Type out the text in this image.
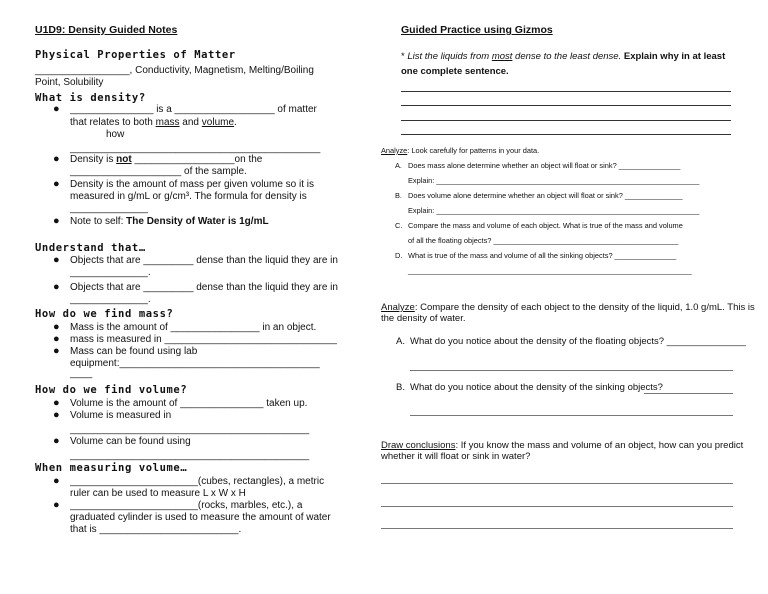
U1D9: Density Guided Notes
Physical Properties of Matter
_________________, Conductivity, Magnetism, Melting/Boiling
Point, Solubility
What is density?
● _______________ is a __________________ of matter
that relates to both mass and volume.
how
_____________________________________________
● Density is not __________________on the
____________________ of the sample.
● Density is the amount of mass per given volume so it is
measured in g/mL or g/cm³. The formula for density is
______________
● Note to self: The Density of Water is 1g/mL
Understand that…
● Objects that are _________ dense than the liquid they are in
______________.
● Objects that are _________ dense than the liquid they are in
______________.
How do we find mass?
● Mass is the amount of ________________ in an object.
● mass is measured in _______________________________
● Mass can be found using lab
equipment:____________________________________
____
How do we find volume?
● Volume is the amount of _______________ taken up.
● Volume is measured in
___________________________________________
● Volume can be found using
___________________________________________
When measuring volume…
● _______________________(cubes, rectangles), a metric
ruler can be used to measure L x W x H
● _______________________(rocks, marbles, etc.), a
graduated cylinder is used to measure the amount of water
that is _________________________.
Guided Practice using Gizmos
* List the liquids from most dense to the least dense. Explain why in at least
one complete sentence.
Analyze: Look carefully for patterns in your data.
A. Does mass alone determine whether an object will float or sink? _______________
Explain: ________________________________________________________________
B. Does volume alone determine whether an object will float or sink? ______________
Explain: ________________________________________________________________
C. Compare the mass and volume of each object. What is true of the mass and volume
of all the floating objects? _____________________________________________
D. What is true of the mass and volume of all the sinking objects? _______________
_____________________________________________________________________
Analyze: Compare the density of each object to the density of the liquid, 1.0 g/mL. This is
the density of water.
A. What do you notice about the density of the floating objects? _______________
B. What do you notice about the density of the sinking objects?
Draw conclusions: If you know the mass and volume of an object, how can you predict
whether it will float or sink in water?
